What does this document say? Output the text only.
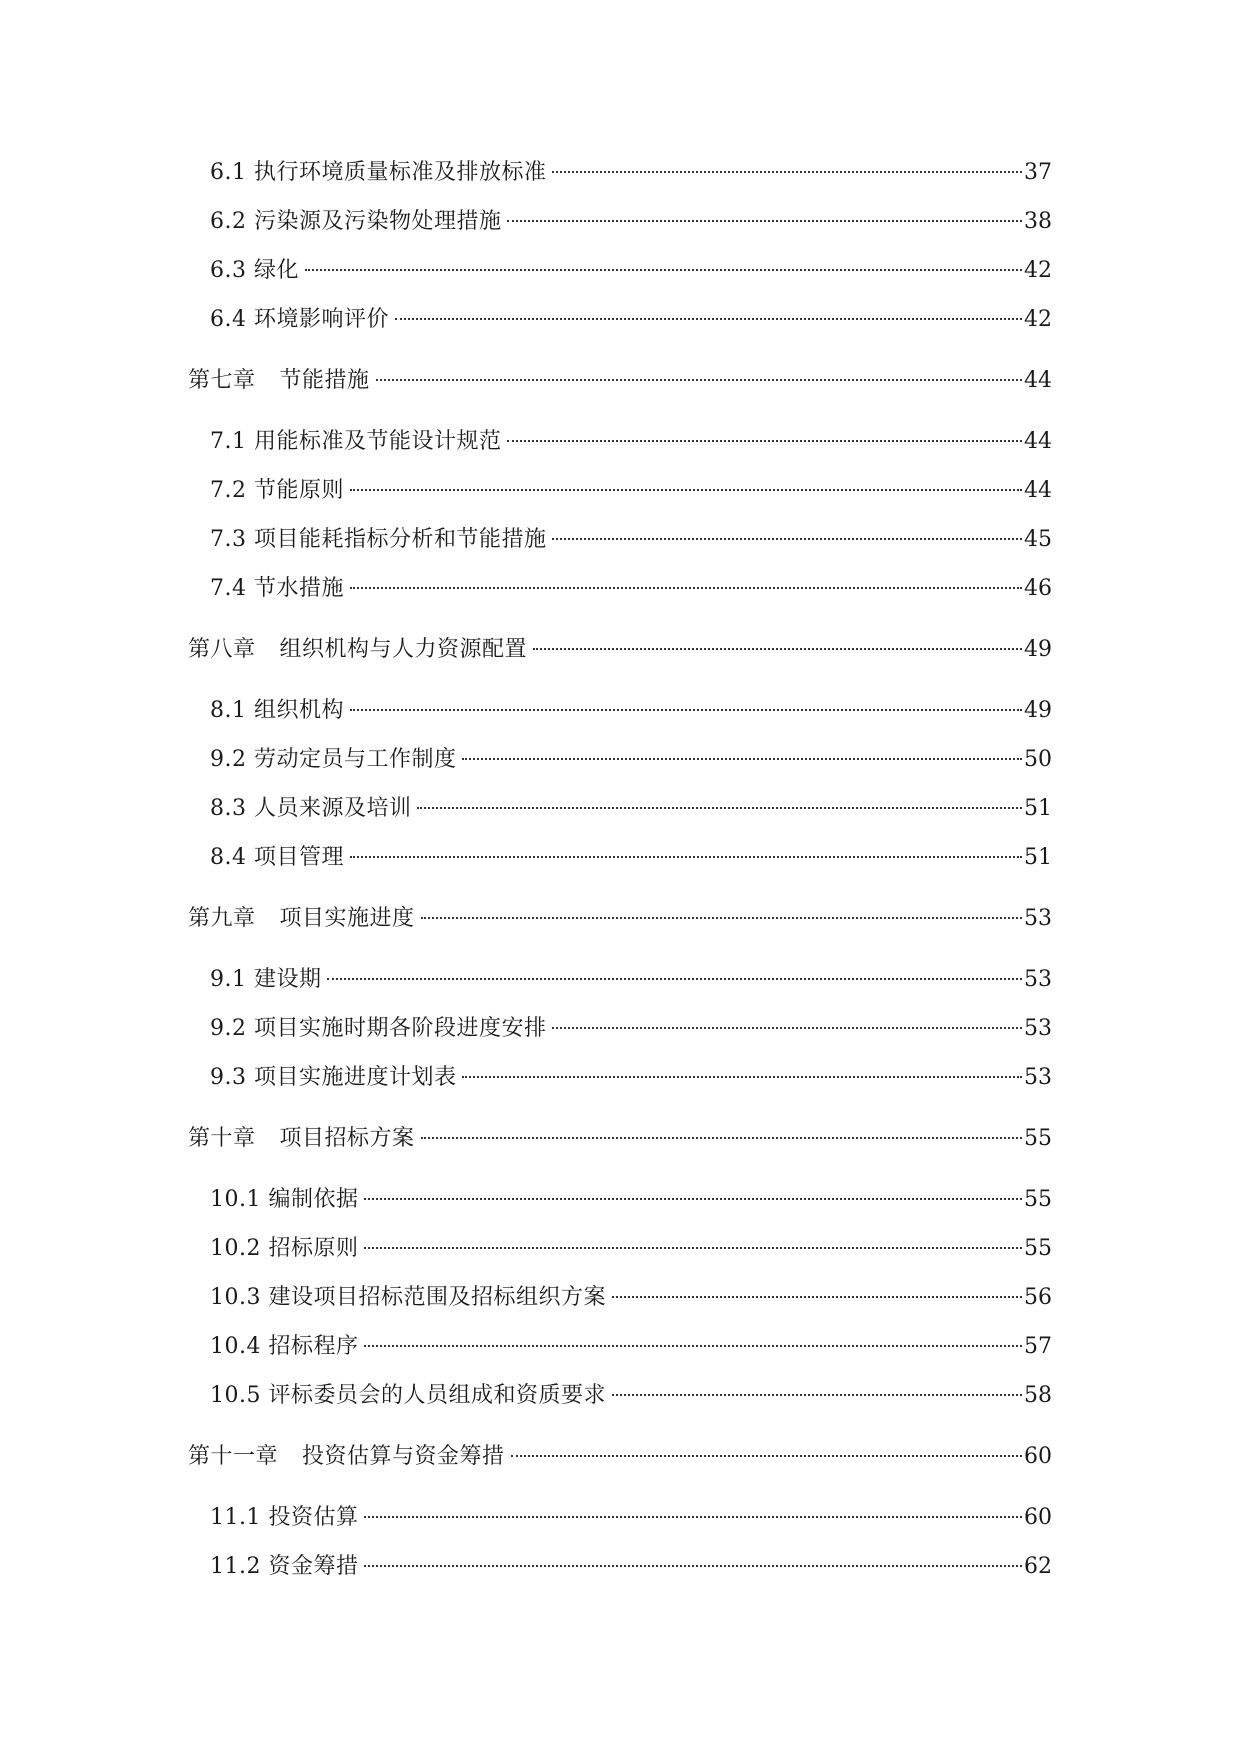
6.1 执行环境质量标准及排放标准	37
6.2 污染源及污染物处理措施	38
6.3 绿化	42
6.4 环境影响评价	42
第七章 节能措施	44
7.1 用能标准及节能设计规范	44
7.2 节能原则	44
7.3 项目能耗指标分析和节能措施	45
7.4 节水措施	46
第八章 组织机构与人力资源配置	49
8.1 组织机构	49
9.2 劳动定员与工作制度	50
8.3 人员来源及培训	51
8.4 项目管理	51
第九章 项目实施进度	53
9.1 建设期	53
9.2 项目实施时期各阶段进度安排	53
9.3 项目实施进度计划表	53
第十章 项目招标方案	55
10.1 编制依据	55
10.2 招标原则	55
10.3 建设项目招标范围及招标组织方案	56
10.4 招标程序	57
10.5 评标委员会的人员组成和资质要求	58
第十一章 投资估算与资金筹措	60
11.1 投资估算	60
11.2 资金筹措	62
